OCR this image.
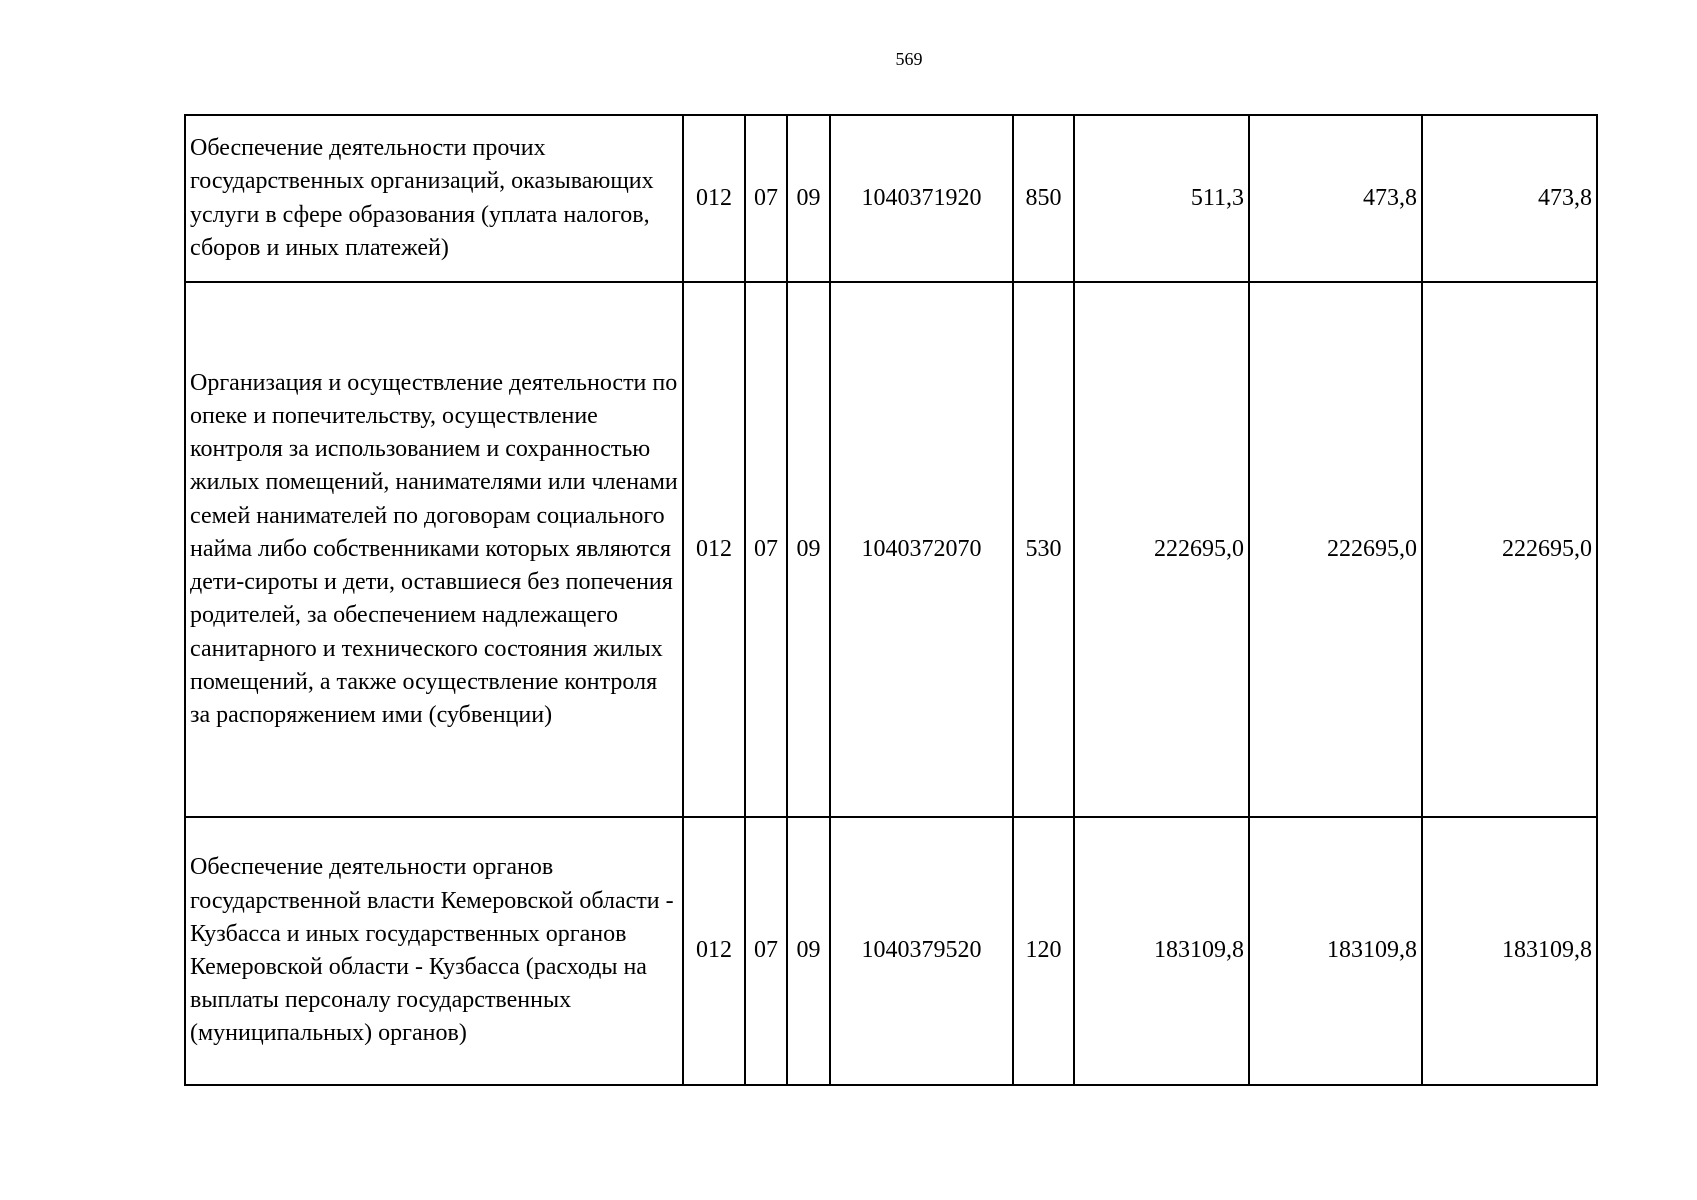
569
Обеспечение деятельности прочих государственных организаций, оказывающих услуги в сфере образования (уплата налогов, сборов и иных платежей)	012	07	09	1040371920	850	511,3	473,8	473,8
Организация и осуществление деятельности по опеке и попечительству, осуществление контроля за использованием и сохранностью жилых помещений, нанимателями или членами семей нанимателей по договорам социального найма либо собственниками которых являются дети-сироты и дети, оставшиеся без попечения родителей, за обеспечением надлежащего санитарного и технического состояния жилых помещений, а также осуществление контроля за распоряжением ими (субвенции)	012	07	09	1040372070	530	222695,0	222695,0	222695,0
Обеспечение деятельности органов государственной власти Кемеровской области - Кузбасса и иных государственных органов Кемеровской области - Кузбасса (расходы на выплаты персоналу государственных (муниципальных) органов)	012	07	09	1040379520	120	183109,8	183109,8	183109,8
